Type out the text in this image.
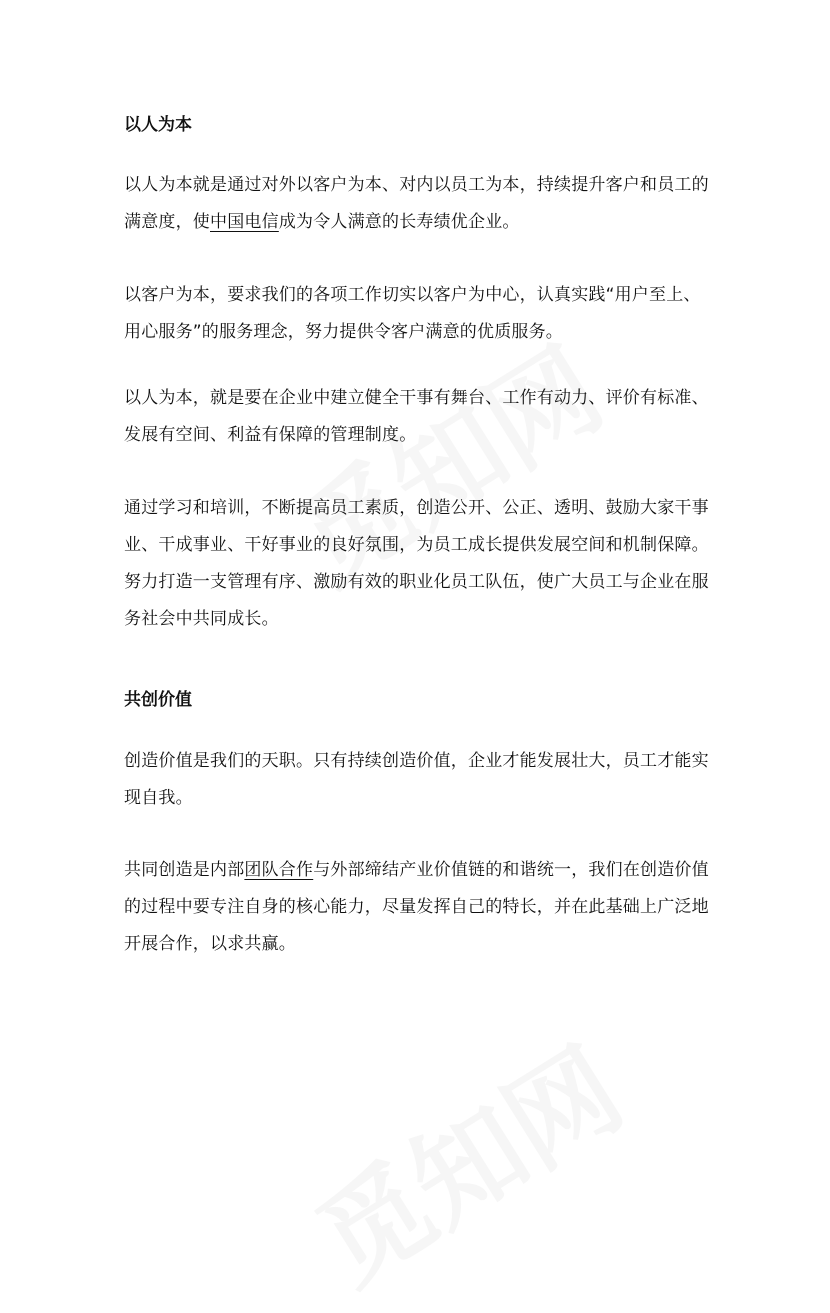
以人为本

以人为本就是通过对外以客户为本、对内以员工为本，持续提升客户和员工的满意度，使中国电信成为令人满意的长寿绩优企业。

以客户为本，要求我们的各项工作切实以客户为中心，认真实践“用户至上、用心服务”的服务理念，努力提供令客户满意的优质服务。

以人为本，就是要在企业中建立健全干事有舞台、工作有动力、评价有标准、发展有空间、利益有保障的管理制度。

通过学习和培训，不断提高员工素质，创造公开、公正、透明、鼓励大家干事业、干成事业、干好事业的良好氛围，为员工成长提供发展空间和机制保障。努力打造一支管理有序、激励有效的职业化员工队伍，使广大员工与企业在服务社会中共同成长。

共创价值

创造价值是我们的天职。只有持续创造价值，企业才能发展壮大，员工才能实现自我。

共同创造是内部团队合作与外部缔结产业价值链的和谐统一，我们在创造价值的过程中要专注自身的核心能力，尽量发挥自己的特长，并在此基础上广泛地开展合作，以求共赢。
